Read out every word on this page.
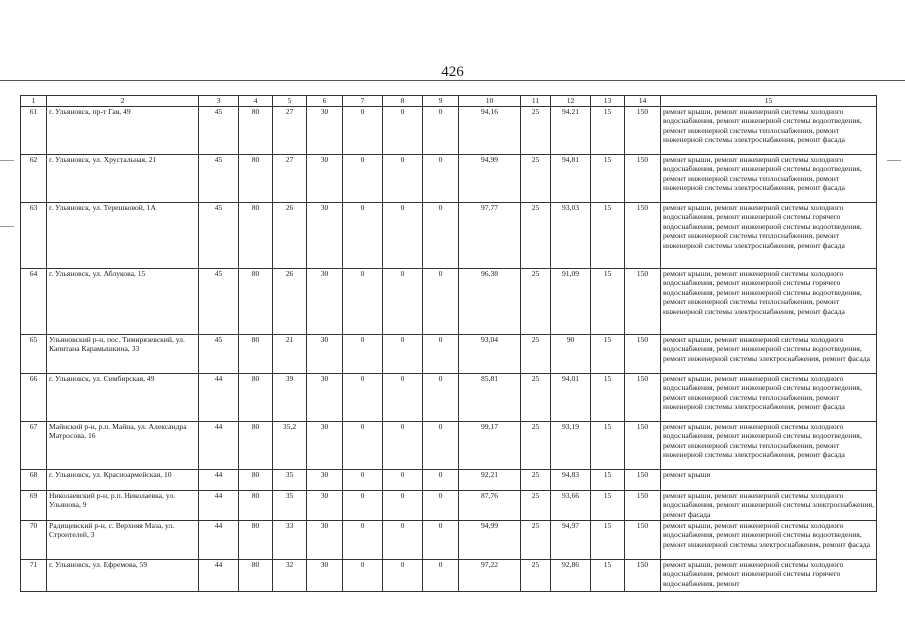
426
1	2	3	4	5	6	7	8	9	10	11	12	13	14	15
61	г. Ульяновск, пр-т Гая, 49	45	80	27	30	0	0	0	94,16	25	94,21	15	150	ремонт крыши, ремонт инженерной системы холодного водоснабжения, ремонт инженерной системы водоотведения, ремонт инженерной системы теплоснабжения, ремонт инженерной системы электроснабжения, ремонт фасада
62	г. Ульяновск, ул. Хрустальная, 21	45	80	27	30	0	0	0	94,99	25	94,81	15	150	ремонт крыши, ремонт инженерной системы холодного водоснабжения, ремонт инженерной системы водоотведения, ремонт инженерной системы теплоснабжения, ремонт инженерной системы электроснабжения, ремонт фасада
63	г. Ульяновск, ул. Терешковой, 1А	45	80	26	30	0	0	0	97,77	25	93,03	15	150	ремонт крыши, ремонт инженерной системы холодного водоснабжения, ремонт инженерной системы горячего водоснабжения, ремонт инженерной системы водоотведения, ремонт инженерной системы теплоснабжения, ремонт инженерной системы электроснабжения, ремонт фасада
64	г. Ульяновск, ул. Аблукова, 15	45	80	26	30	0	0	0	96,38	25	91,09	15	150	ремонт крыши, ремонт инженерной системы холодного водоснабжения, ремонт инженерной системы горячего водоснабжения, ремонт инженерной системы водоотведения, ремонт инженерной системы теплоснабжения, ремонт инженерной системы электроснабжения, ремонт фасада
65	Ульяновский р-н, пос. Тимирязевский, ул. Капитана Карамышкина, 33	45	80	21	30	0	0	0	93,04	25	90	15	150	ремонт крыши, ремонт инженерной системы холодного водоснабжения, ремонт инженерной системы водоотведения, ремонт инженерной системы электроснабжения, ремонт фасада
66	г. Ульяновск, ул. Симбирская, 49	44	80	39	30	0	0	0	85,81	25	94,01	15	150	ремонт крыши, ремонт инженерной системы холодного водоснабжения, ремонт инженерной системы водоотведения, ремонт инженерной системы теплоснабжения, ремонт инженерной системы электроснабжения, ремонт фасада
67	Майнский р-н, р.п. Майна, ул. Александра Матросова, 16	44	80	35,2	30	0	0	0	99,17	25	93,19	15	150	ремонт крыши, ремонт инженерной системы холодного водоснабжения, ремонт инженерной системы водоотведения, ремонт инженерной системы теплоснабжения, ремонт инженерной системы электроснабжения, ремонт фасада
68	г. Ульяновск, ул. Красноармейская, 10	44	80	35	30	0	0	0	92,21	25	94,83	15	150	ремонт крыши
69	Николаевский р-н, р.п. Николаевка, ул. Ульянова, 9	44	80	35	30	0	0	0	87,76	25	93,66	15	150	ремонт крыши, ремонт инженерной системы холодного водоснабжения, ремонт инженерной системы электроснабжения, ремонт фасада
70	Радищевский р-н, с. Верхняя Маза, ул. Строителей, 3	44	80	33	30	0	0	0	94,99	25	94,97	15	150	ремонт крыши, ремонт инженерной системы холодного водоснабжения, ремонт инженерной системы водоотведения, ремонт инженерной системы электроснабжения, ремонт фасада
71	г. Ульяновск, ул. Ефремова, 59	44	80	32	30	0	0	0	97,22	25	92,86	15	150	ремонт крыши, ремонт инженерной системы холодного водоснабжения, ремонт инженерной системы горячего водоснабжения, ремонт
